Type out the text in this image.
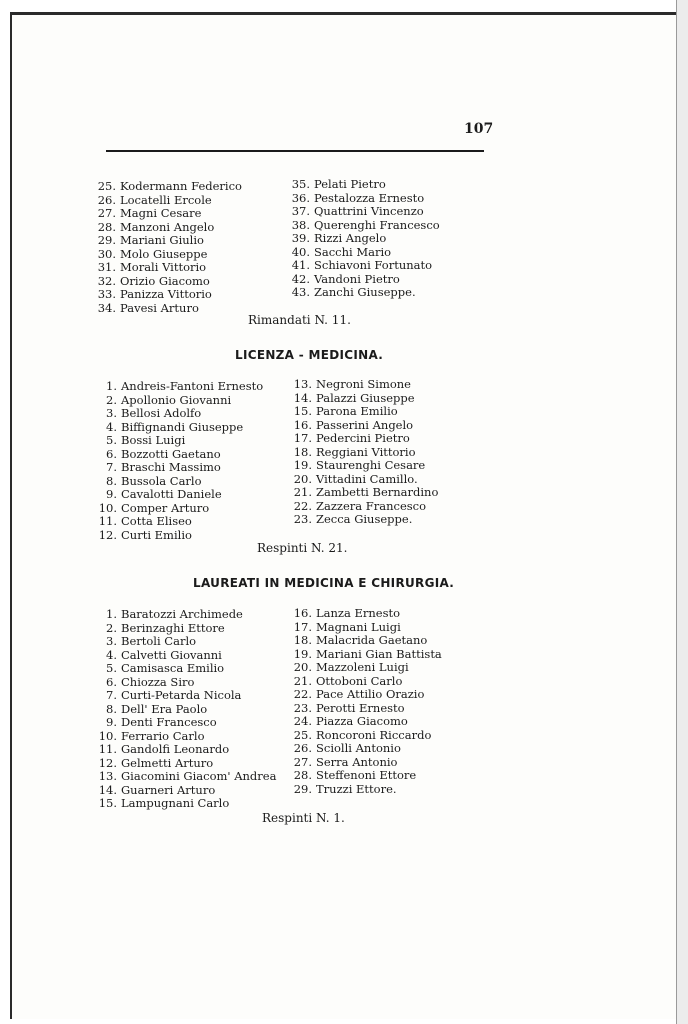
107
25. Kodermann Federico
26. Locatelli Ercole
27. Magni Cesare
28. Manzoni Angelo
29. Mariani Giulio
30. Molo Giuseppe
31. Morali Vittorio
32. Orizio Giacomo
33. Panizza Vittorio
34. Pavesi Arturo
35. Pelati Pietro
36. Pestalozza Ernesto
37. Quattrini Vincenzo
38. Querenghi Francesco
39. Rizzi Angelo
40. Sacchi Mario
41. Schiavoni Fortunato
42. Vandoni Pietro
43. Zanchi Giuseppe.
Rimandati N. 11.
LICENZA - MEDICINA.
1. Andreis-Fantoni Ernesto
2. Apollonio Giovanni
3. Bellosi Adolfo
4. Biffignandi Giuseppe
5. Bossi Luigi
6. Bozzotti Gaetano
7. Braschi Massimo
8. Bussola Carlo
9. Cavalotti Daniele
10. Comper Arturo
11. Cotta Eliseo
12. Curti Emilio
13. Negroni Simone
14. Palazzi Giuseppe
15. Parona Emilio
16. Passerini Angelo
17. Pedercini Pietro
18. Reggiani Vittorio
19. Staurenghi Cesare
20. Vittadini Camillo.
21. Zambetti Bernardino
22. Zazzera Francesco
23. Zecca Giuseppe.
Respinti N. 21.
LAUREATI IN MEDICINA E CHIRURGIA.
1. Baratozzi Archimede
2. Berinzaghi Ettore
3. Bertoli Carlo
4. Calvetti Giovanni
5. Camisasca Emilio
6. Chiozza Siro
7. Curti-Petarda Nicola
8. Dell' Era Paolo
9. Denti Francesco
10. Ferrario Carlo
11. Gandolfi Leonardo
12. Gelmetti Arturo
13. Giacomini Giacom' Andrea
14. Guarneri Arturo
15. Lampugnani Carlo
16. Lanza Ernesto
17. Magnani Luigi
18. Malacrida Gaetano
19. Mariani Gian Battista
20. Mazzoleni Luigi
21. Ottoboni Carlo
22. Pace Attilio Orazio
23. Perotti Ernesto
24. Piazza Giacomo
25. Roncoroni Riccardo
26. Sciolli Antonio
27. Serra Antonio
28. Steffenoni Ettore
29. Truzzi Ettore.
Respinti N. 1.
